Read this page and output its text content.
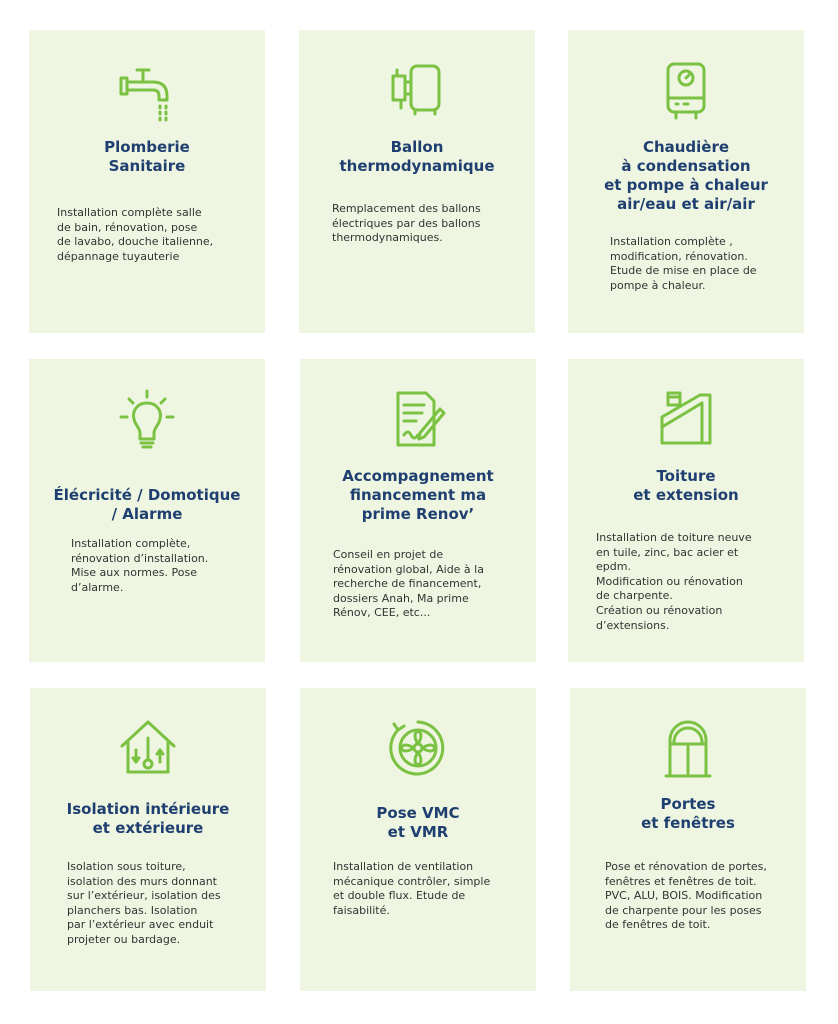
Plomberie
Sanitaire
Installation complète salle
de bain, rénovation, pose
de lavabo, douche italienne,
dépannage tuyauterie
Ballon
thermodynamique
Remplacement des ballons
électriques par des ballons
thermodynamiques.
Chaudière
à condensation
et pompe à chaleur
air/eau et air/air
Installation complète ,
modification, rénovation.
Etude de mise en place de
pompe à chaleur.
Élécricité / Domotique
/ Alarme
Installation complète,
rénovation d’installation.
Mise aux normes. Pose
d’alarme.
Accompagnement
financement ma
prime Renov’
Conseil en projet de
rénovation global, Aide à la
recherche de financement,
dossiers Anah, Ma prime
Rénov, CEE, etc...
Toiture
et extension
Installation de toiture neuve
en tuile, zinc, bac acier et
epdm.
Modification ou rénovation
de charpente.
Création ou rénovation
d’extensions.
Isolation intérieure
et extérieure
Isolation sous toiture,
isolation des murs donnant
sur l’extérieur, isolation des
planchers bas. Isolation
par l’extérieur avec enduit
projeter ou bardage.
Pose VMC
et VMR
Installation de ventilation
mécanique contrôler, simple
et double flux. Etude de
faisabilité.
Portes
et fenêtres
Pose et rénovation de portes,
fenêtres et fenêtres de toit.
PVC, ALU, BOIS. Modification
de charpente pour les poses
de fenêtres de toit.
